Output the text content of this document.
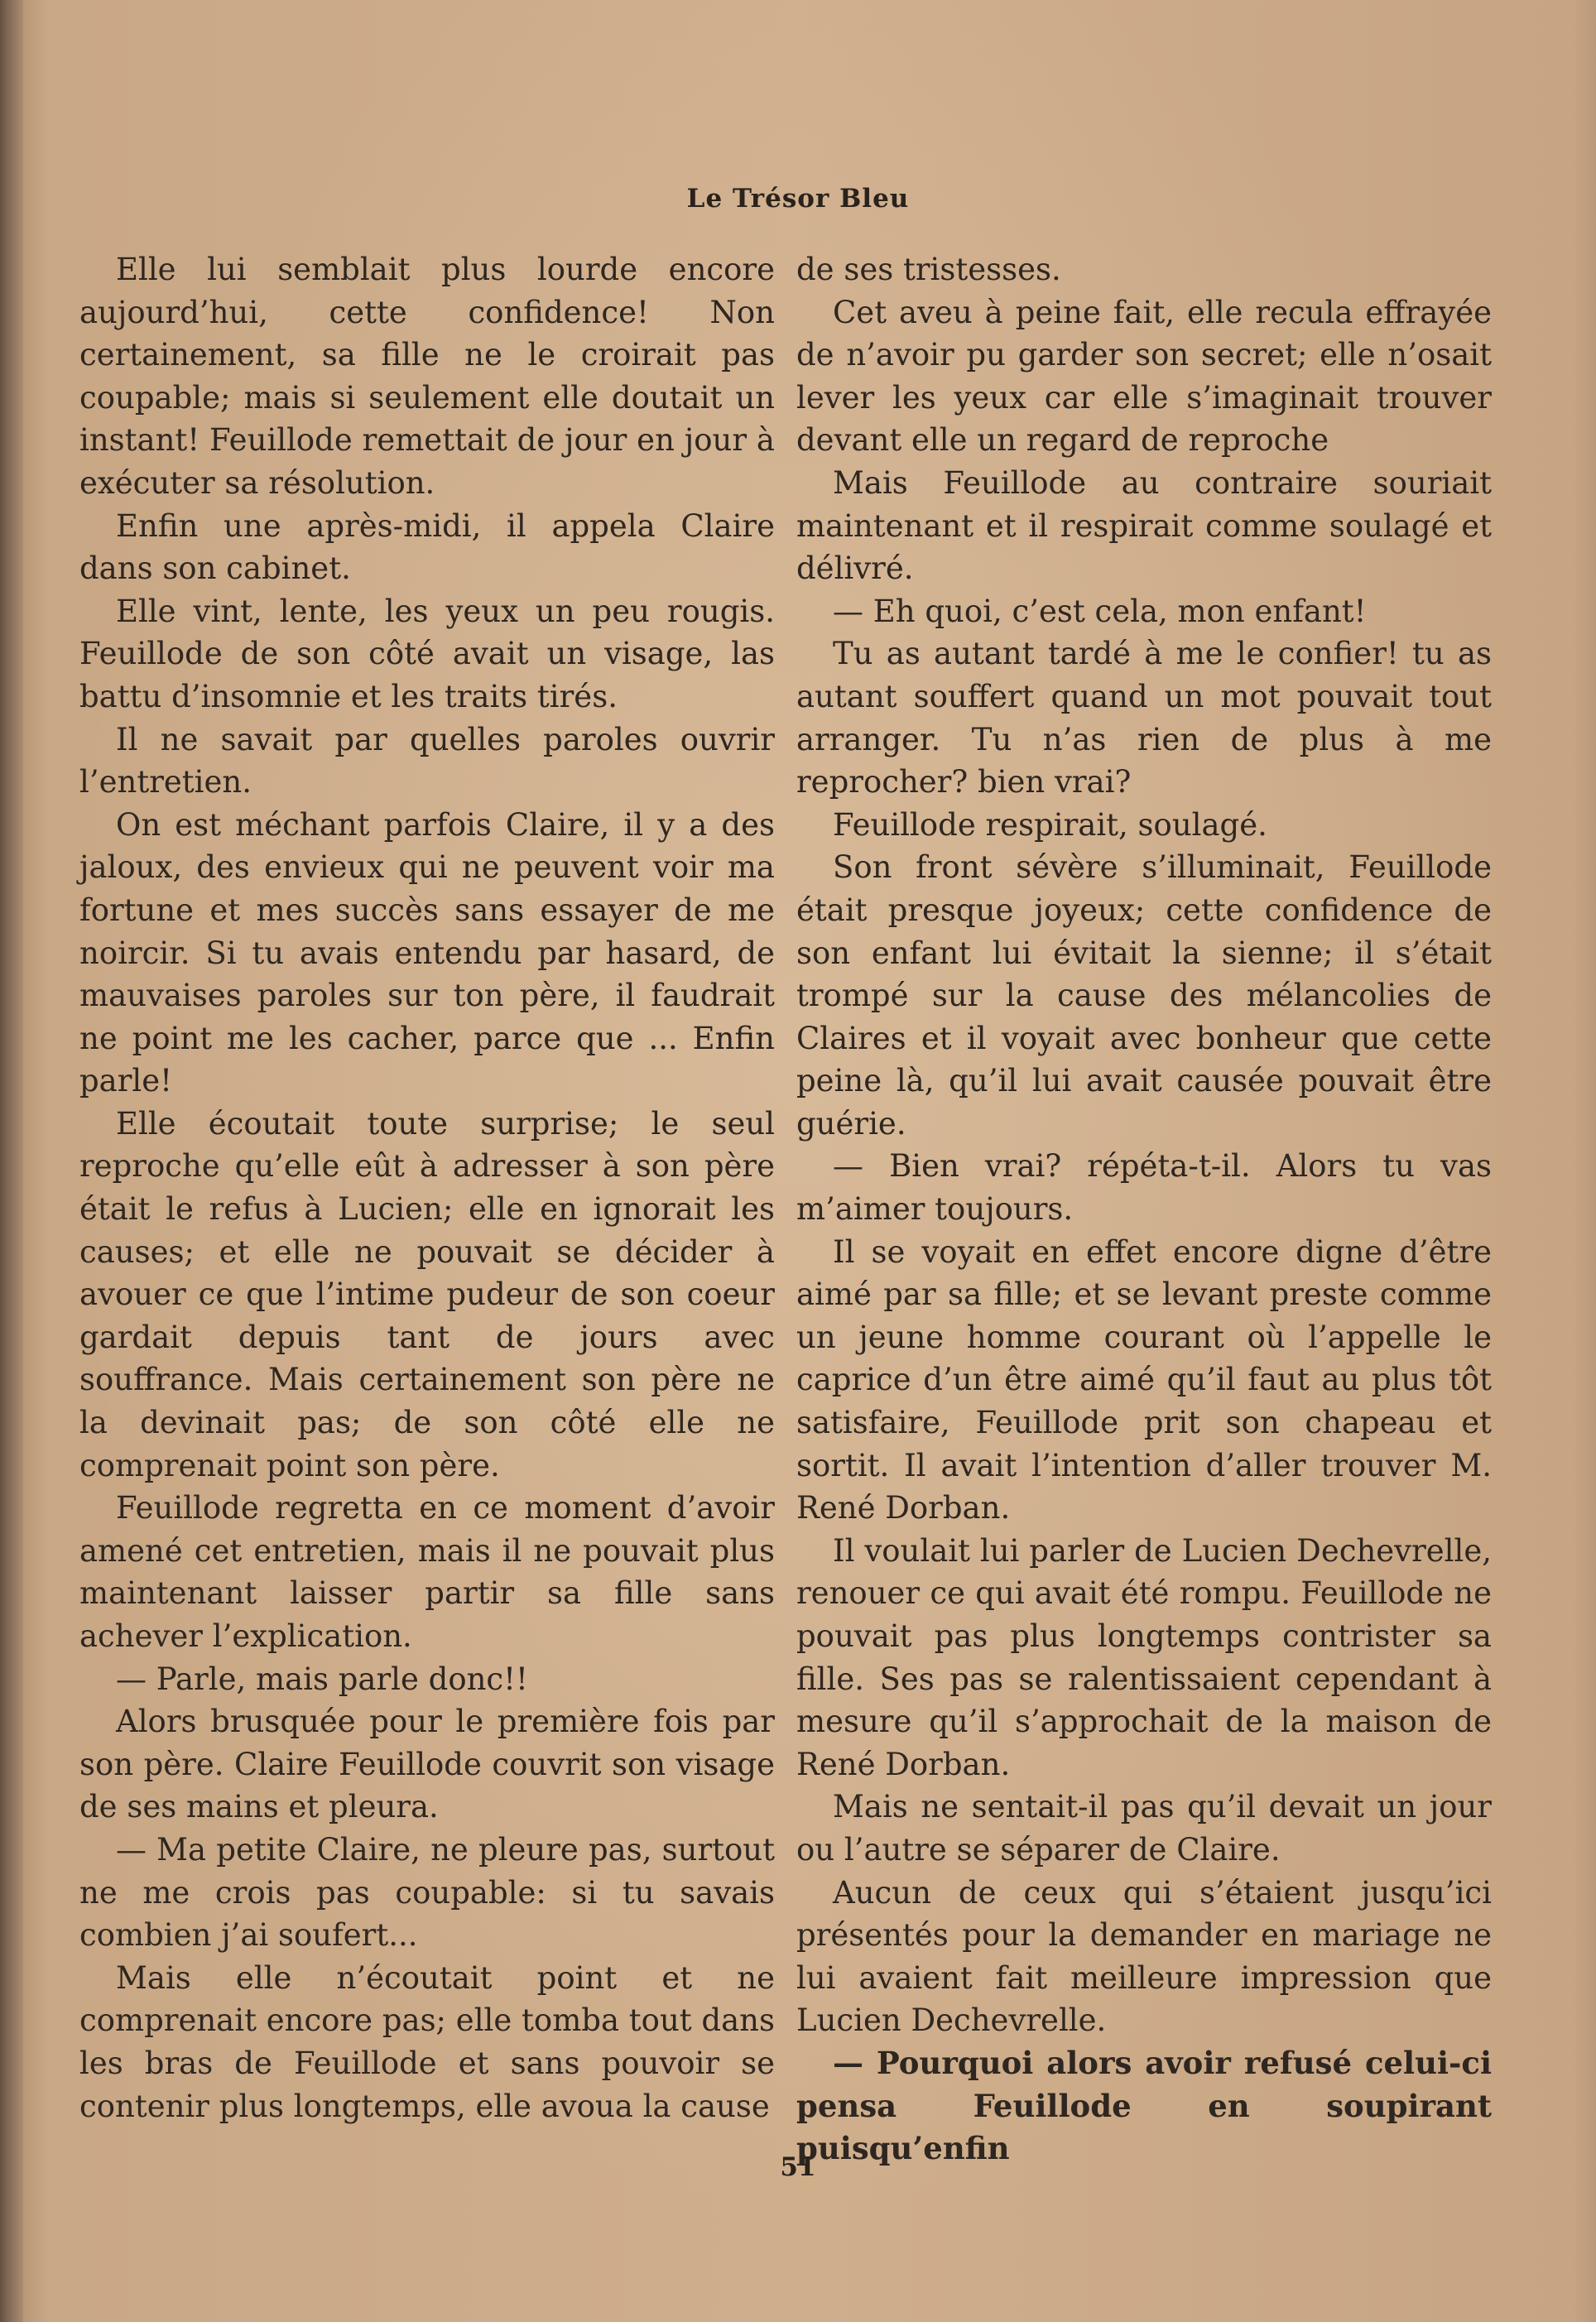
Le Trésor Bleu

Elle lui semblait plus lourde encore aujourd’hui, cette confidence! Non certainement, sa fille ne le croirait pas coupable; mais si seulement elle doutait un instant! Feuillode remettait de jour en jour à exécuter sa résolution.

Enfin une après-midi, il appela Claire dans son cabinet.

Elle vint, lente, les yeux un peu rougis. Feuillode de son côté avait un visage, las battu d’insomnie et les traits tirés.

Il ne savait par quelles paroles ouvrir l’entretien.

On est méchant parfois Claire, il y a des jaloux, des envieux qui ne peuvent voir ma fortune et mes succès sans essayer de me noircir. Si tu avais entendu par hasard, de mauvaises paroles sur ton père, il faudrait ne point me les cacher, parce que ... Enfin parle!

Elle écoutait toute surprise; le seul reproche qu’elle eût à adresser à son père était le refus à Lucien; elle en ignorait les causes; et elle ne pouvait se décider à avouer ce que l’intime pudeur de son coeur gardait depuis tant de jours avec souffrance. Mais certainement son père ne la devinait pas; de son côté elle ne comprenait point son père.

Feuillode regretta en ce moment d’avoir amené cet entretien, mais il ne pouvait plus maintenant laisser partir sa fille sans achever l’explication.

— Parle, mais parle donc!!

Alors brusquée pour le première fois par son père. Claire Feuillode couvrit son visage de ses mains et pleura.

— Ma petite Claire, ne pleure pas, surtout ne me crois pas coupable: si tu savais combien j’ai soufert...

Mais elle n’écoutait point et ne comprenait encore pas; elle tomba tout dans les bras de Feuillode et sans pouvoir se contenir plus longtemps, elle avoua la cause

de ses tristesses.

Cet aveu à peine fait, elle recula effrayée de n’avoir pu garder son secret; elle n’osait lever les yeux car elle s’imaginait trouver devant elle un regard de reproche

Mais Feuillode au contraire souriait maintenant et il respirait comme soulagé et délivré.

— Eh quoi, c’est cela, mon enfant!

Tu as autant tardé à me le confier! tu as autant souffert quand un mot pouvait tout arranger. Tu n’as rien de plus à me reprocher? bien vrai?

Feuillode respirait, soulagé.

Son front sévère s’illuminait, Feuillode était presque joyeux; cette confidence de son enfant lui évitait la sienne; il s’était trompé sur la cause des mélancolies de Claires et il voyait avec bonheur que cette peine là, qu’il lui avait causée pouvait être guérie.

— Bien vrai? répéta-t-il. Alors tu vas m’aimer toujours.

Il se voyait en effet encore digne d’être aimé par sa fille; et se levant preste comme un jeune homme courant où l’appelle le caprice d’un être aimé qu’il faut au plus tôt satisfaire, Feuillode prit son chapeau et sortit. Il avait l’intention d’aller trouver M. René Dorban.

Il voulait lui parler de Lucien Dechevrelle, renouer ce qui avait été rompu. Feuillode ne pouvait pas plus longtemps contrister sa fille. Ses pas se ralentissaient cependant à mesure qu’il s’approchait de la maison de René Dorban.

Mais ne sentait-il pas qu’il devait un jour ou l’autre se séparer de Claire.

Aucun de ceux qui s’étaient jusqu’ici présentés pour la demander en mariage ne lui avaient fait meilleure impression que Lucien Dechevrelle.

— Pourquoi alors avoir refusé celui-ci pensa Feuillode en soupirant puisqu’enfin

51
